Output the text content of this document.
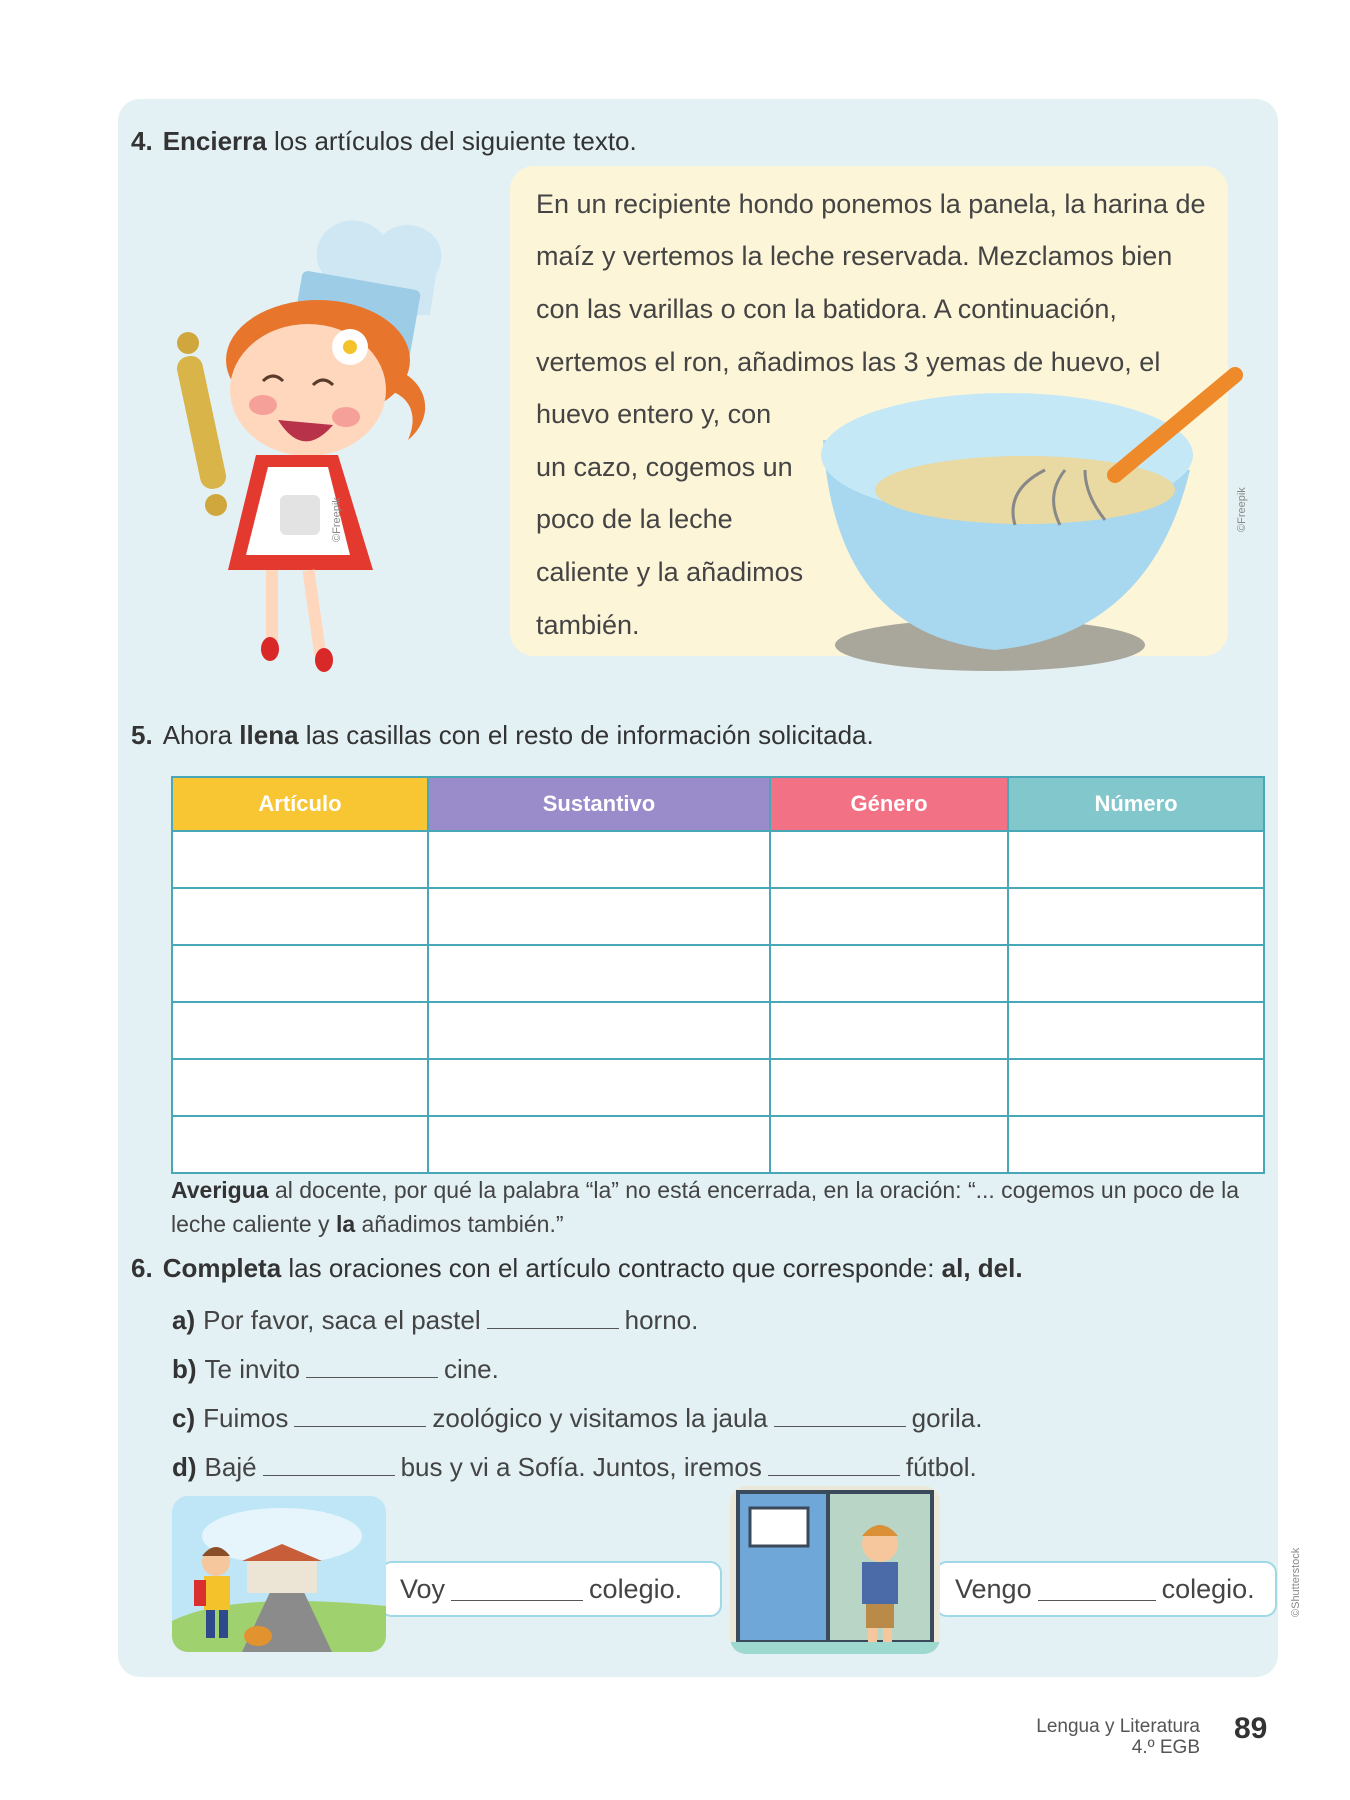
4. Encierra los artículos del siguiente texto.
©Freepik
En un recipiente hondo ponemos la panela, la harina de
maíz y vertemos la leche reservada. Mezclamos bien
con las varillas o con la batidora. A continuación,
vertemos el ron, añadimos las 3 yemas de huevo, el
huevo entero y, con
un cazo, cogemos un
poco de la leche
caliente y la añadimos
también.
©Freepik
5. Ahora llena las casillas con el resto de información solicitada.
Artículo	Sustantivo	Género	Número

Averigua al docente, por qué la palabra “la” no está encerrada, en la oración: “... cogemos un poco de la leche caliente y la añadimos también.”
6. Completa las oraciones con el artículo contracto que corresponde: al, del.
a) Por favor, saca el pastel	horno.
b) Te invito	cine.
c) Fuimos	zoológico y visitamos la jaula	gorila.
d) Bajé	bus y vi a Sofía. Juntos, iremos	fútbol.
Voy	colegio.	Vengo	colegio.	©Shutterstock
Lengua y Literatura
4.º EGB
89
